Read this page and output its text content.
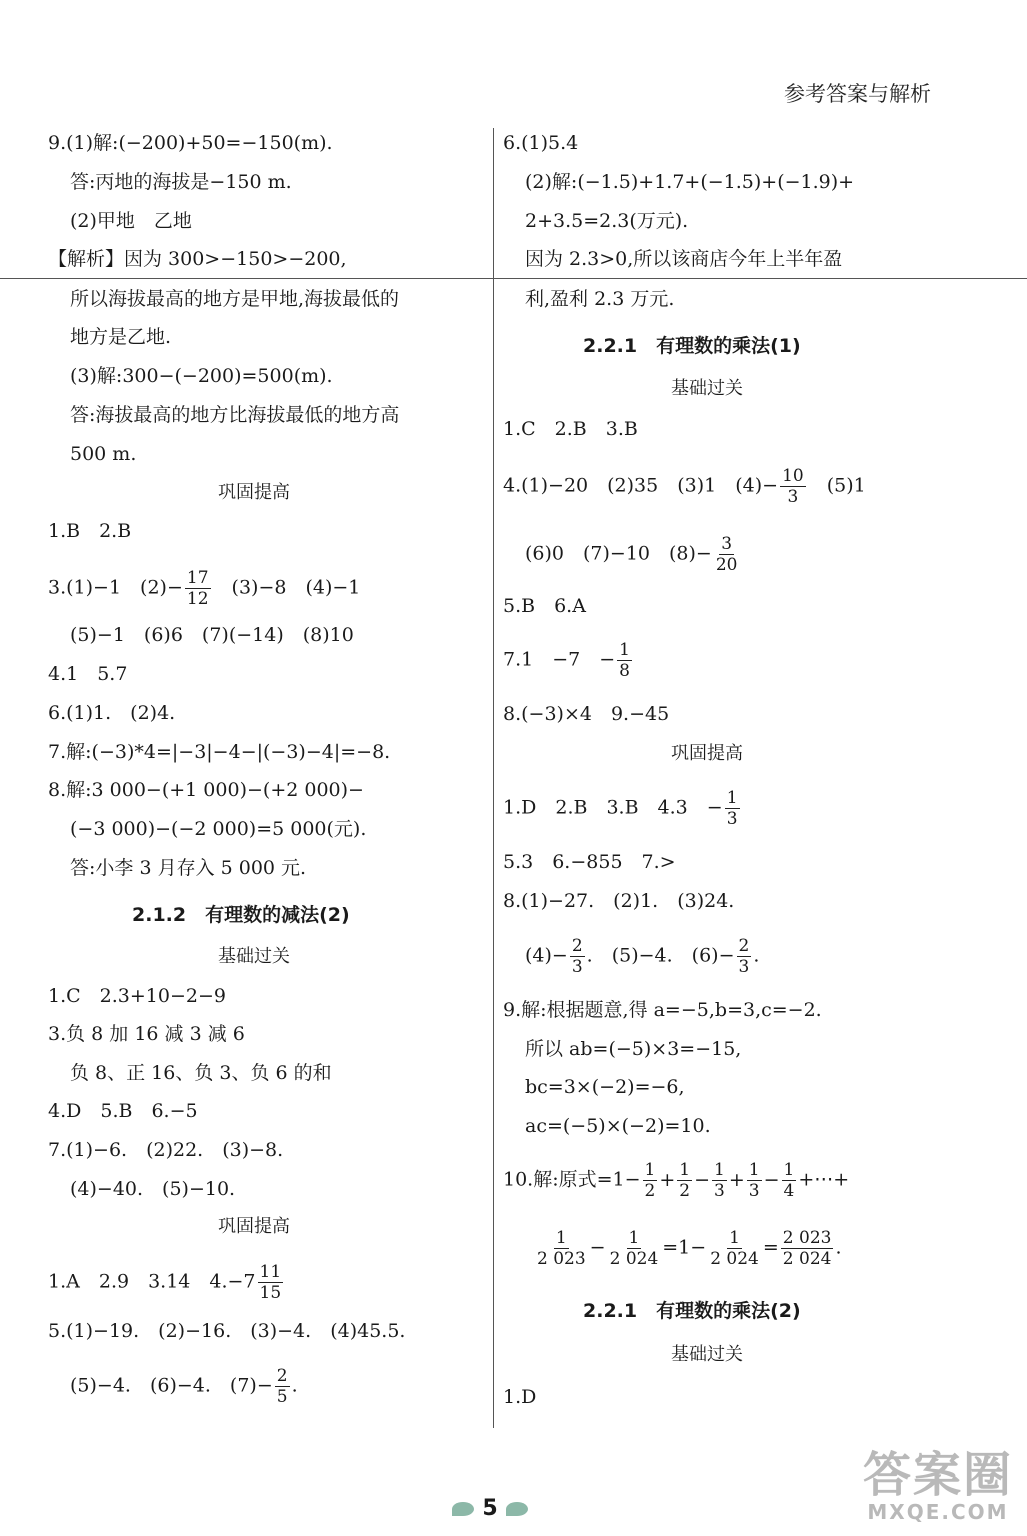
参考答案与解析
9.(1)解:(−200)+50=−150(m).
答:丙地的海拔是−150 m.
(2)甲地　乙地
【解析】因为 300>−150>−200,
所以海拔最高的地方是甲地,海拔最低的
地方是乙地.
(3)解:300−(−200)=500(m).
答:海拔最高的地方比海拔最低的地方高
500 m.
巩固提高
1.B　2.B
3.(1)−1　$(2)- \frac{17}{12}$ 　(3)−8　(4)−1
(5)−1　(6)6　(7)(−14)　(8)10
4.1　5.7
6.(1)1.　(2)4.
7.解:(−3)*4=|−3|−4−|(−3)−4|=−8.
8.解:3 000−(+1 000)−(+2 000)−
(−3 000)−(−2 000)=5 000(元).
答:小李 3 月存入 5 000 元.
2.1.2　有理数的减法(2)
基础过关
1.C　2.3+10−2−9
3.负 8 加 16 减 3 减 6
负 8、正 16、负 3、负 6 的和
4.D　5.B　6.−5
7.(1)−6.　(2)22.　(3)−8.
(4)−40.　(5)−10.
巩固提高
1.A　2.9　3.14　$4.-7 \frac{11}{15}$
5.(1)−19.　(2)−16.　(3)−4.　(4)45.5.
(5)−4.　(6)−4.　$(7)- \frac{2}{5}$ .
6.(1)5.4
(2)解:(−1.5)+1.7+(−1.5)+(−1.9)+
2+3.5=2.3(万元).
因为 2.3>0,所以该商店今年上半年盈
利,盈利 2.3 万元.
2.2.1　有理数的乘法(1)
基础过关
1.C　2.B　3.B
4.(1)−20　(2)35　(3)1　$(4)- \frac{10}{3}$ 　(5)1
(6)0　(7)−10　$(8)- \frac{3}{20}$
5.B　6.A
7.1　−7　− $\frac{1}{8}$
8.(−3)×4　9.−45
巩固提高
1.D　2.B　3.B　4.3　− $\frac{1}{3}$
5.3　6.−855　7.>
8.(1)−27.　(2)1.　(3)24.
$(4)- \frac{2}{3}$ .　(5)−4.　$(6)- \frac{2}{3}$ .
9.解:根据题意,得 a=−5,b=3,c=−2.
所以 ab=(−5)×3=−15,
bc=3×(−2)=−6,
ac=(−5)×(−2)=10.
10.解:原式$=1- \frac{1}{2} + \frac{1}{2} - \frac{1}{3} + \frac{1}{3} - \frac{1}{4}$ +⋯+
$\frac{1}{2 023} - \frac{1}{2 024} =1- \frac{1}{2 024} = \frac{2 023}{2 024}$ .
2.2.1　有理数的乘法(2)
基础过关
1.D
5
答案圈
MXQE.COM
